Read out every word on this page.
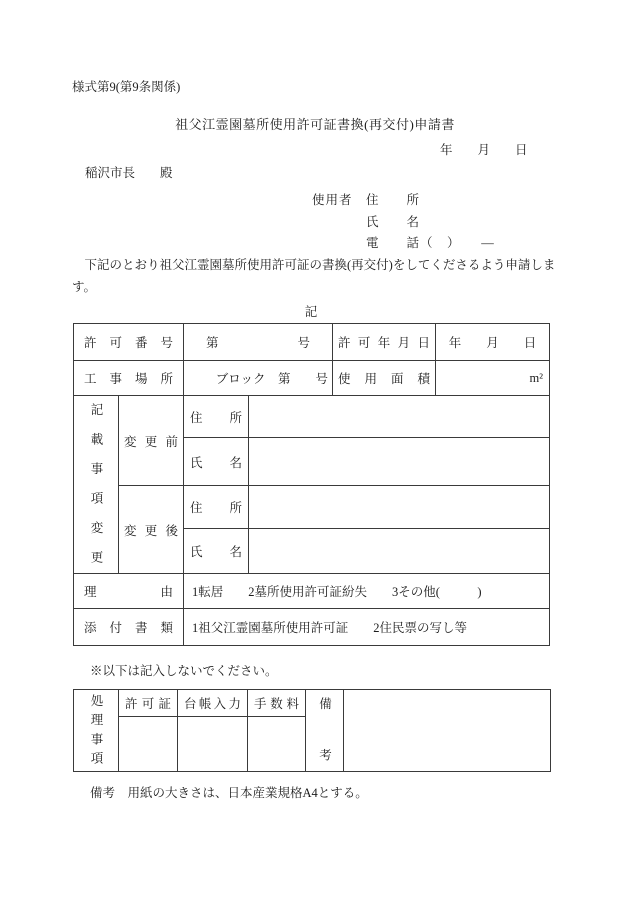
様式第9(第9条関係)
祖父江霊園墓所使用許可証書換(再交付)申請書
年　　月　　日
稲沢市長　　殿
使用者　住　　所
　　　　氏　　名
　　　　電　　話（　）　　―
　下記のとおり祖父江霊園墓所使用許可証の書換(再交付)をしてくださるよう申請しま
す。
記
許可番号		第 号		許可年月日	年　　月　　日
工事場所		ブロック　第　　号		使用面積	m²
記載事項変更	変更前	住所			
		氏名			
	変更後	住所			
		氏名			
理由		1転居　　2墓所使用許可証紛失　　3その他(　　　)			
添付書類		1祖父江霊園墓所使用許可証　　2住民票の写し等			
※以下は記入しないでください。
処理事項	許可証	台帳入力	手数料	備考	

備考　用紙の大きさは、日本産業規格A4とする。
